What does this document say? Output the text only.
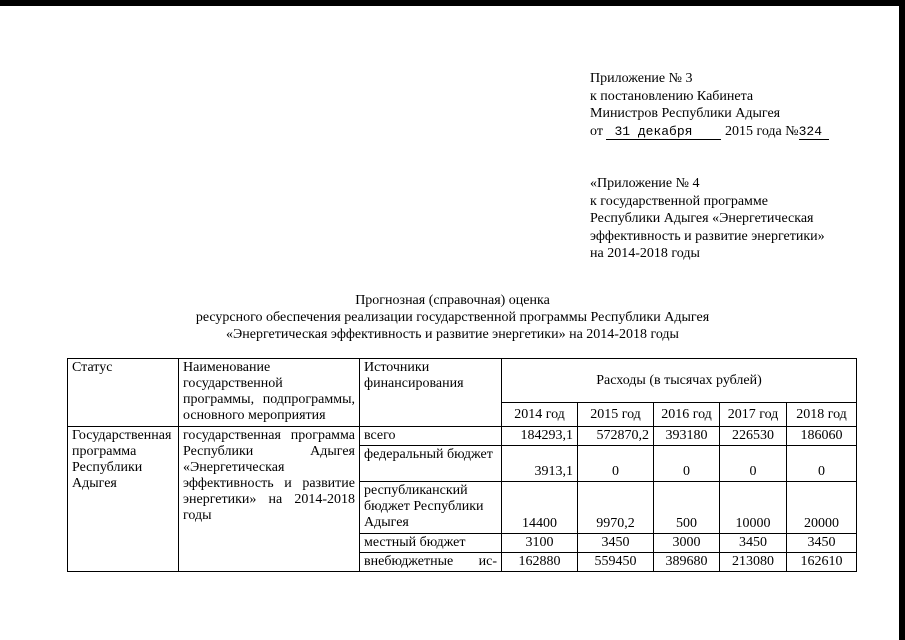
Приложение № 3
к постановлению Кабинета
Министров Республики Адыгея
от 31 декабря 2015 года №324
«Приложение № 4
к государственной программе
Республики Адыгея «Энергетическая
эффективность и развитие энергетики»
на 2014-2018 годы
Прогнозная (справочная) оценка
ресурсного обеспечения реализации государственной программы Республики Адыгея
«Энергетическая эффективность и развитие энергетики» на 2014-2018 годы
Статус	Наименование государственной программы, подпрограммы, основного мероприятия	Источники финансирования	Расходы (в тысячах рублей)				
			2014 год	2015 год	2016 год	2017 год	2018 год
Государственная программа Республики Адыгея	государственная программа Республики Адыгея «Энергетическая эффективность и развитие энергетики» на 2014-2018 годы	всего	184293,1	572870,2	393180	226530	186060
		федеральный бюджет	3913,1	0	0	0	0
		республиканский бюджет Республики Адыгея	14400	9970,2	500	10000	20000
		местный бюджет	3100	3450	3000	3450	3450
		внебюджетные ис-	162880	559450	389680	213080	162610
